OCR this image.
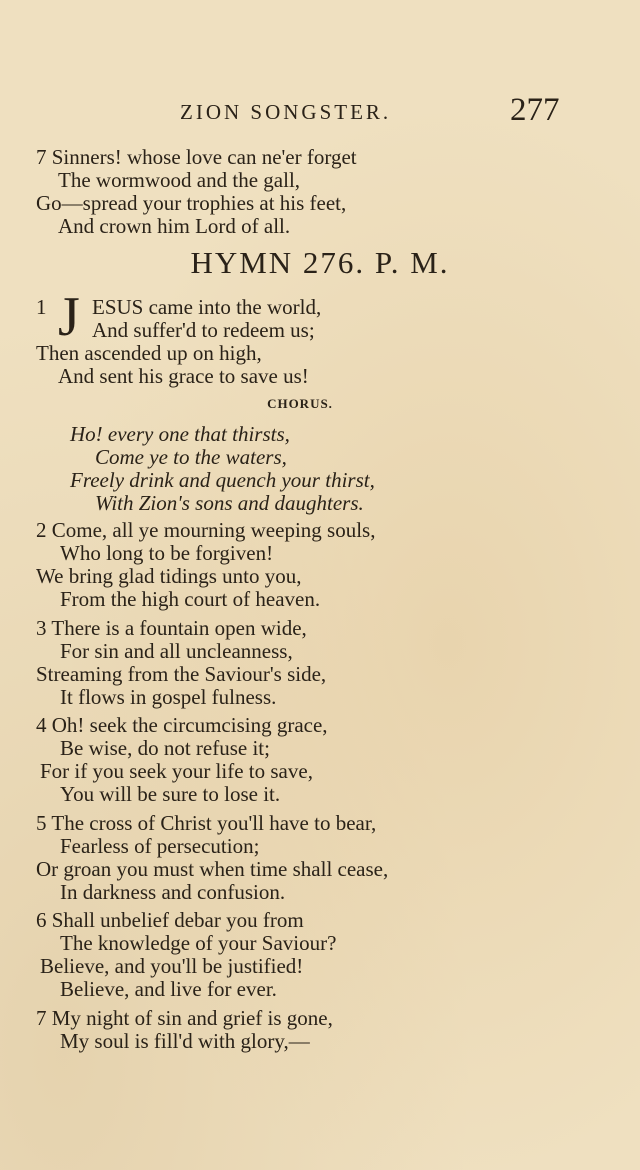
ZION SONGSTER.	277
7 Sinners! whose love can ne'er forget
The wormwood and the gall,
Go—spread your trophies at his feet,
And crown him Lord of all.
HYMN 276. P. M.
1 J ESUS came into the world,
And suffer'd to redeem us;
Then ascended up on high,
And sent his grace to save us!
CHORUS.
Ho! every one that thirsts,
Come ye to the waters,
Freely drink and quench your thirst,
With Zion's sons and daughters.
2 Come, all ye mourning weeping souls,
Who long to be forgiven!
We bring glad tidings unto you,
From the high court of heaven.
3 There is a fountain open wide,
For sin and all uncleanness,
Streaming from the Saviour's side,
It flows in gospel fulness.
4 Oh! seek the circumcising grace,
Be wise, do not refuse it;
For if you seek your life to save,
You will be sure to lose it.
5 The cross of Christ you'll have to bear,
Fearless of persecution;
Or groan you must when time shall cease,
In darkness and confusion.
6 Shall unbelief debar you from
The knowledge of your Saviour?
Believe, and you'll be justified!
Believe, and live for ever.
7 My night of sin and grief is gone,
My soul is fill'd with glory,—
